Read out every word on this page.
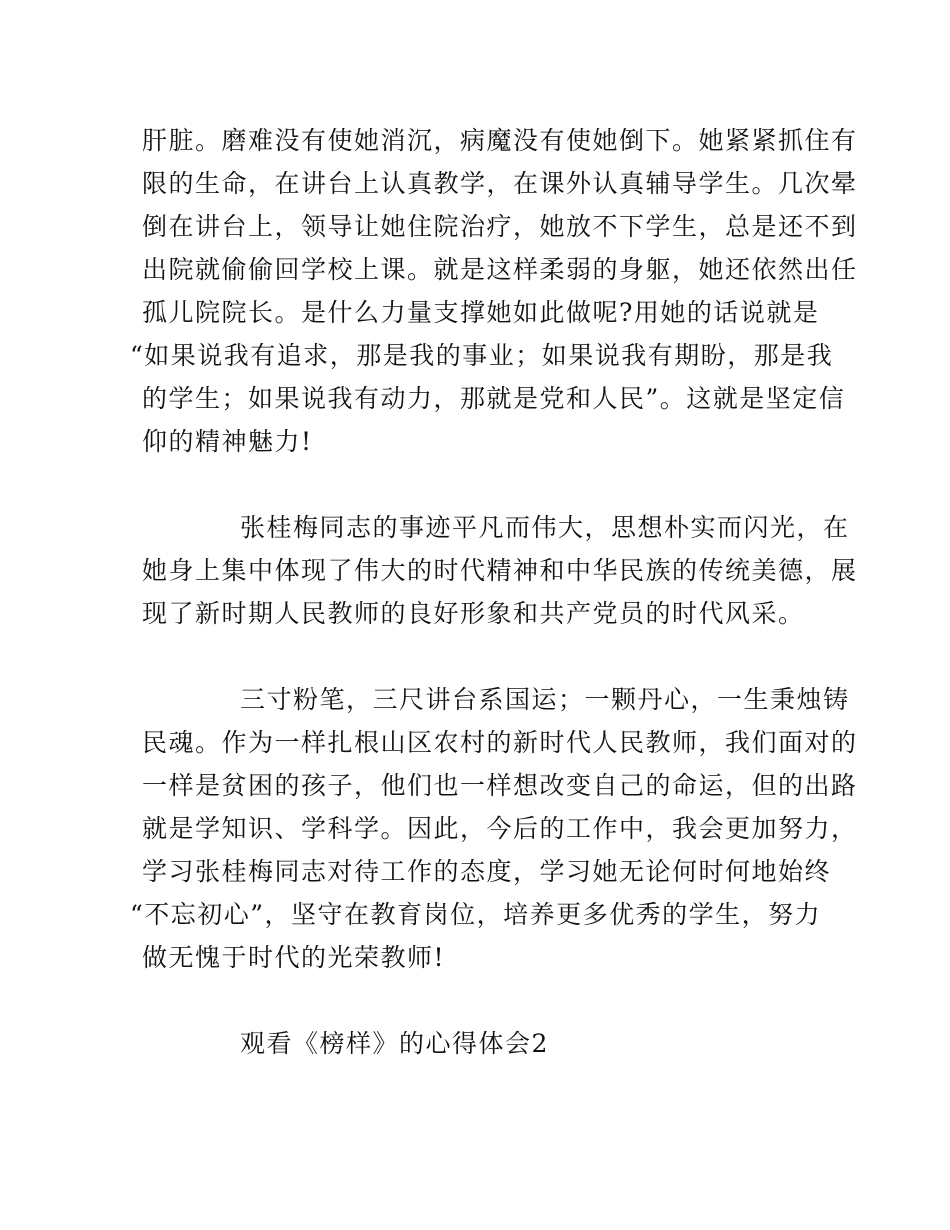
肝脏。磨难没有使她消沉，病魔没有使她倒下。她紧紧抓住有
限的生命，在讲台上认真教学，在课外认真辅导学生。几次晕
倒在讲台上，领导让她住院治疗，她放不下学生，总是还不到
出院就偷偷回学校上课。就是这样柔弱的身躯，她还依然出任
孤儿院院长。是什么力量支撑她如此做呢?用她的话说就是
“如果说我有追求，那是我的事业；如果说我有期盼，那是我
的学生；如果说我有动力，那就是党和人民”。这就是坚定信
仰的精神魅力!
张桂梅同志的事迹平凡而伟大，思想朴实而闪光，在
她身上集中体现了伟大的时代精神和中华民族的传统美德，展
现了新时期人民教师的良好形象和共产党员的时代风采。
三寸粉笔，三尺讲台系国运；一颗丹心，一生秉烛铸
民魂。作为一样扎根山区农村的新时代人民教师，我们面对的
一样是贫困的孩子，他们也一样想改变自己的命运，但的出路
就是学知识、学科学。因此，今后的工作中，我会更加努力，
学习张桂梅同志对待工作的态度，学习她无论何时何地始终
“不忘初心”，坚守在教育岗位，培养更多优秀的学生，努力
做无愧于时代的光荣教师!
观看《榜样》的心得体会2
